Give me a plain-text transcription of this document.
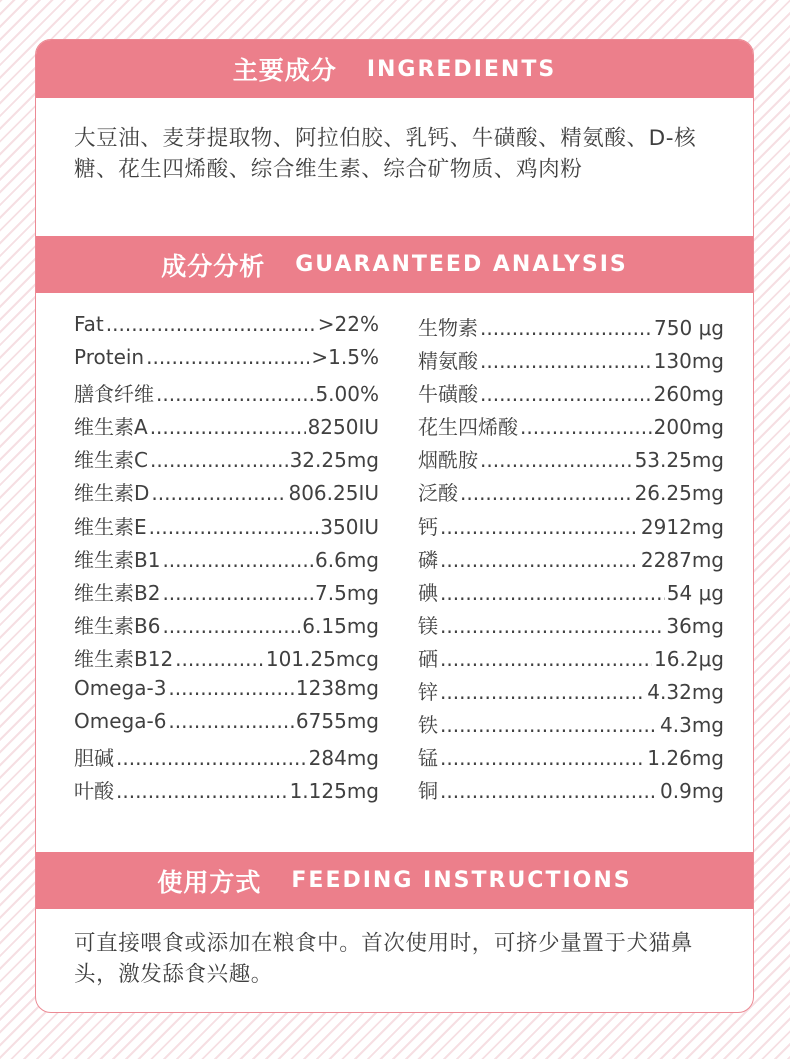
主要成分 INGREDIENTS
大豆油、麦芽提取物、阿拉伯胶、乳钙、牛磺酸、精氨酸、D-核糖、花生四烯酸、综合维生素、综合矿物质、鸡肉粉
成分分析 GUARANTEED ANALYSIS
Fat .....	>22%
Protein .....	>1.5%
膳食纤维 .....	5.00%
维生素A .....	8250IU
维生素C .....	32.25mg
维生素D .....	806.25IU
维生素E .....	350IU
维生素B1 .....	6.6mg
维生素B2 .....	7.5mg
维生素B6 .....	6.15mg
维生素B12 .....	101.25mcg
Omega-3 .....	1238mg
Omega-6 .....	6755mg
胆碱 .....	284mg
叶酸 .....	1.125mg
生物素 .....	750 μg
精氨酸 .....	130mg
牛磺酸 .....	260mg
花生四烯酸 .....	200mg
烟酰胺 .....	53.25mg
泛酸 .....	26.25mg
钙 .....	2912mg
磷 .....	2287mg
碘 .....	54 μg
镁 .....	36mg
硒 .....	16.2μg
锌 .....	4.32mg
铁 .....	4.3mg
锰 .....	1.26mg
铜 .....	0.9mg
使用方式 FEEDING INSTRUCTIONS
可直接喂食或添加在粮食中。首次使用时，可挤少量置于犬猫鼻头，激发舔食兴趣。
